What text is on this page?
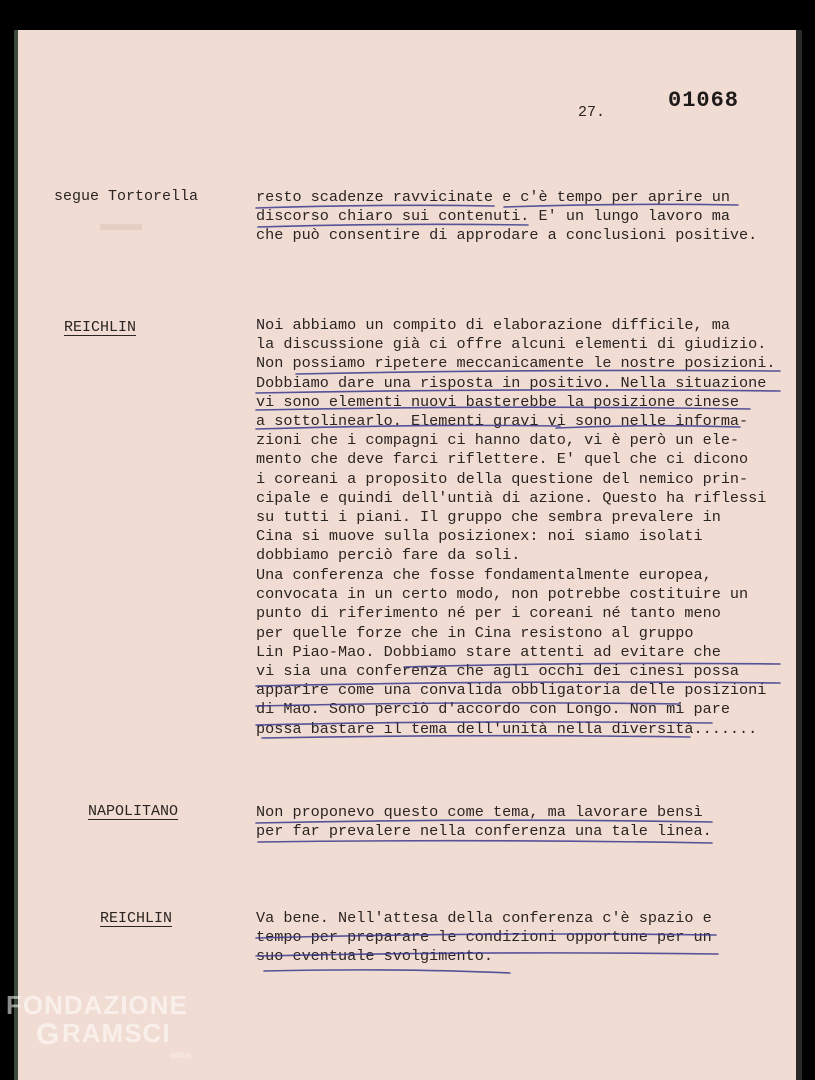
27.	01068
segue Tortorella	resto scadenze ravvicinate e c'è tempo per aprire un
discorso chiaro sui contenuti. E' un lungo lavoro ma
che può consentire di approdare a conclusioni positive.
REICHLIN	Noi abbiamo un compito di elaborazione difficile, ma
la discussione già ci offre alcuni elementi di giudizio.
Non possiamo ripetere meccanicamente le nostre posizioni.
Dobbiamo dare una risposta in positivo. Nella situazione
vi sono elementi nuovi basterebbe la posizione cinese
a sottolinearlo. Elementi gravi vi sono nelle informa-
zioni che i compagni ci hanno dato, vi è però un ele-
mento che deve farci riflettere. E' quel che ci dicono
i coreani a proposito della questione del nemico prin-
cipale e quindi dell'untià di azione. Questo ha riflessi
su tutti i piani. Il gruppo che sembra prevalere in
Cina si muove sulla posizionex: noi siamo isolati
dobbiamo perciò fare da soli.
Una conferenza che fosse fondamentalmente europea,
convocata in un certo modo, non potrebbe costituire un
punto di riferimento né per i coreani né tanto meno
per quelle forze che in Cina resistono al gruppo
Lin Piao-Mao. Dobbiamo stare attenti ad evitare che
vi sia una conferenza che agli occhi dei cinesi possa
apparire come una convalida obbligatoria delle posizioni
di Mao. Sono perciò d'accordo con Longo. Non mi pare
possa bastare il tema dell'unità nella diversità.......
NAPOLITANO	Non proponevo questo come tema, ma lavorare bensì
per far prevalere nella conferenza una tale linea.
REICHLIN	Va bene. Nell'attesa della conferenza c'è spazio e
tempo per preparare le condizioni opportune per un
suo eventuale svolgimento.
FONDAZIONE
G RAMSCI
onlus
